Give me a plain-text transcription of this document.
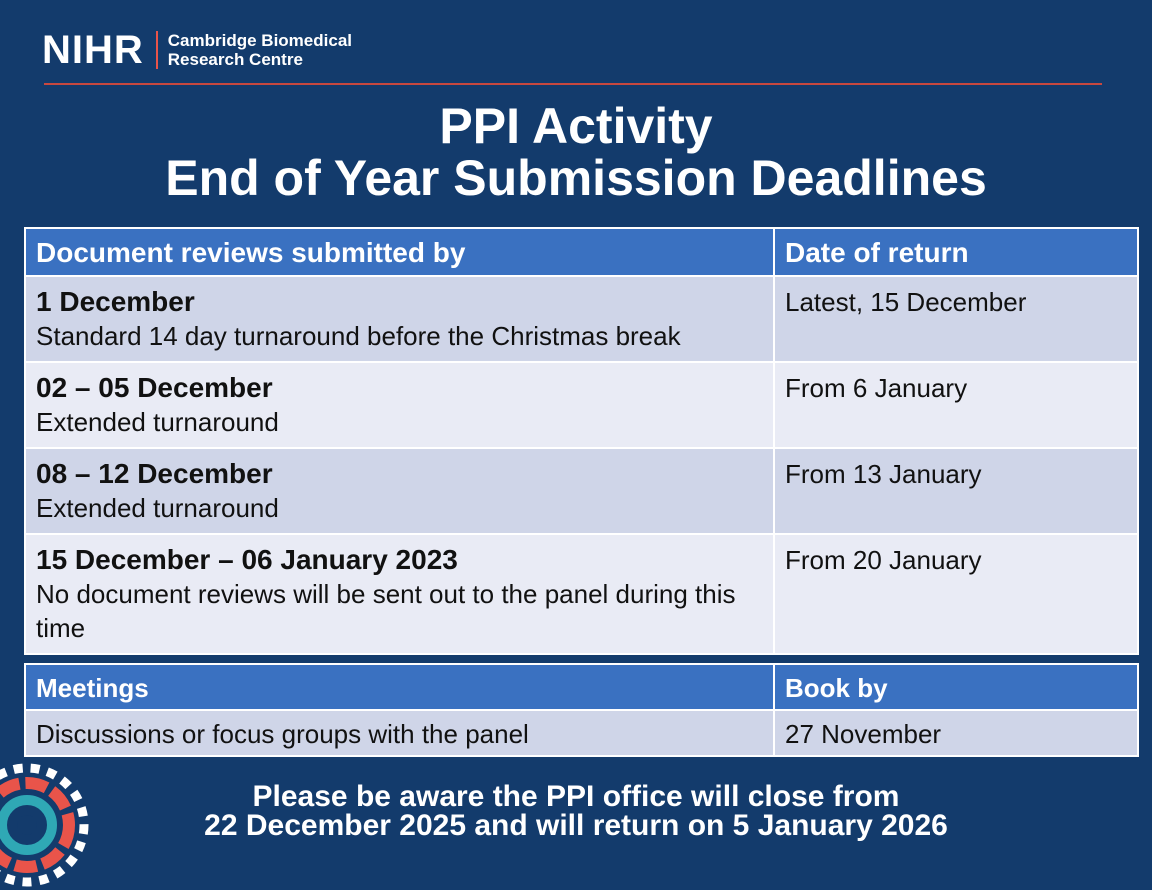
NIHR Cambridge Biomedical
Research Centre
PPI Activity
End of Year Submission Deadlines
Document reviews submitted by	Date of return

1 December
Standard 14 day turnaround before the Christmas break	Latest, 15 December

02 – 05 December
Extended turnaround	From 6 January

08 – 12 December
Extended turnaround	From 13 January

15 December – 06 January 2023
No document reviews will be sent out to the panel during this time	From 20 January
Meetings	Book by
Discussions or focus groups with the panel	27 November
Please be aware the PPI office will close from
22 December 2025 and will return on 5 January 2026
